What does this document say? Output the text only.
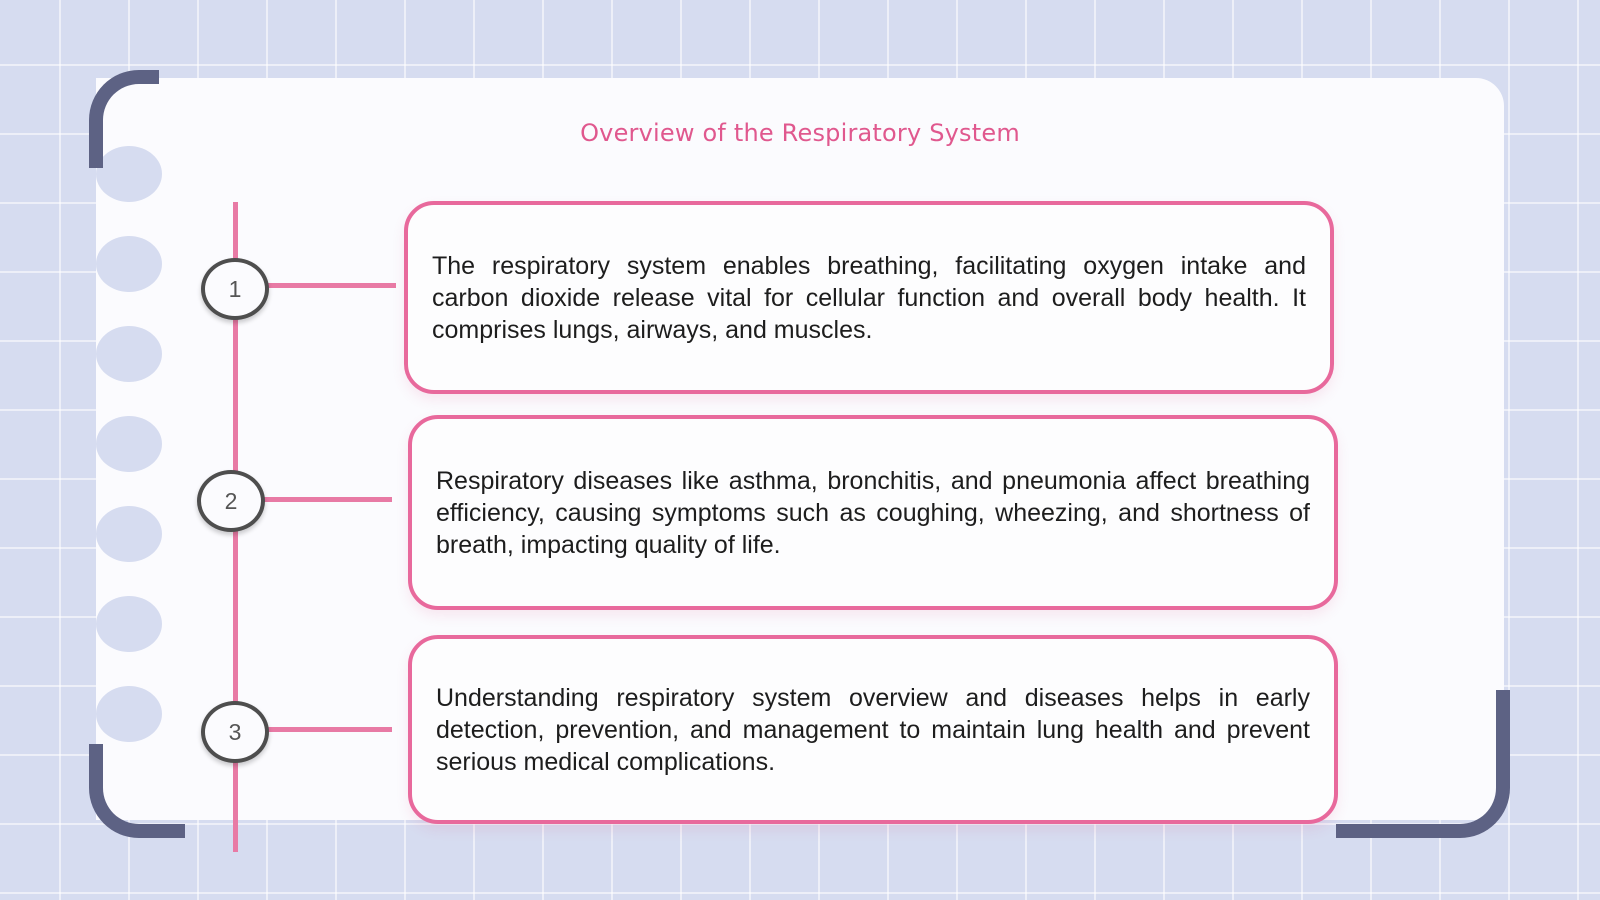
Overview of the Respiratory System
1

The respiratory system enables breathing, facilitating oxygen intake and carbon dioxide release vital for cellular function and overall body health. It comprises lungs, airways, and muscles.

2

Respiratory diseases like asthma, bronchitis, and pneumonia affect breathing efficiency, causing symptoms such as coughing, wheezing, and shortness of breath, impacting quality of life.

3

Understanding respiratory system overview and diseases helps in early detection, prevention, and management to maintain lung health and prevent serious medical complications.
